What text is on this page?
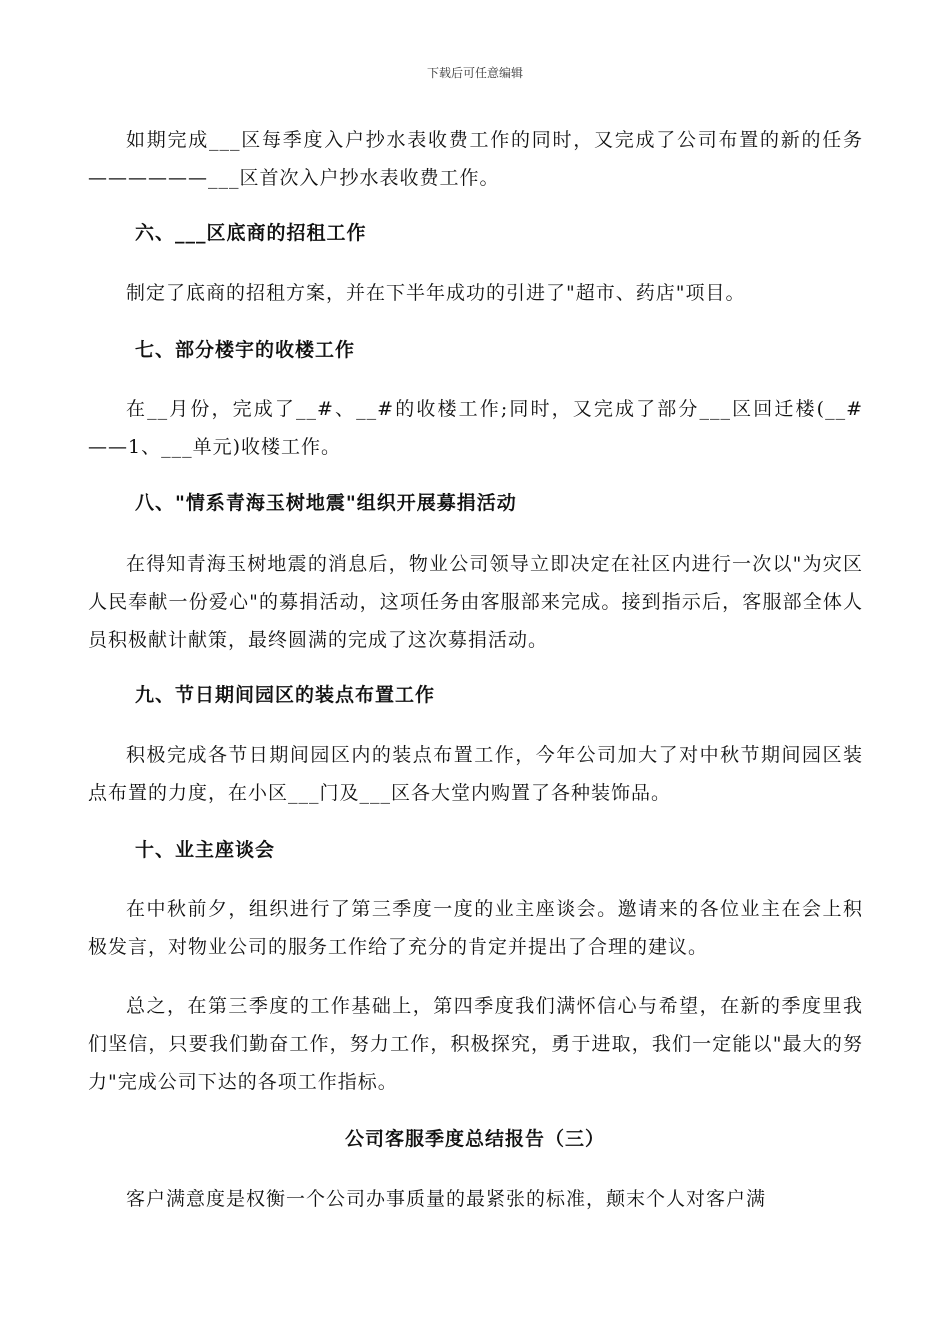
下载后可任意编辑

如期完成___区每季度入户抄水表收费工作的同时，又完成了公司布置的新的任务——————___区首次入户抄水表收费工作。

六、___区底商的招租工作

制定了底商的招租方案，并在下半年成功的引进了"超市、药店"项目。

七、部分楼宇的收楼工作

在__月份，完成了__#、__#的收楼工作;同时，又完成了部分___区回迁楼(__#——1、___单元)收楼工作。

八、"情系青海玉树地震"组织开展募捐活动

在得知青海玉树地震的消息后，物业公司领导立即决定在社区内进行一次以"为灾区人民奉献一份爱心"的募捐活动，这项任务由客服部来完成。接到指示后，客服部全体人员积极献计献策，最终圆满的完成了这次募捐活动。

九、节日期间园区的装点布置工作

积极完成各节日期间园区内的装点布置工作，今年公司加大了对中秋节期间园区装点布置的力度，在小区___门及___区各大堂内购置了各种装饰品。

十、业主座谈会

在中秋前夕，组织进行了第三季度一度的业主座谈会。邀请来的各位业主在会上积极发言，对物业公司的服务工作给了充分的肯定并提出了合理的建议。

总之，在第三季度的工作基础上，第四季度我们满怀信心与希望，在新的季度里我们坚信，只要我们勤奋工作，努力工作，积极探究，勇于进取，我们一定能以"最大的努力"完成公司下达的各项工作指标。

公司客服季度总结报告（三）

客户满意度是权衡一个公司办事质量的最紧张的标准，颠末个人对客户满
